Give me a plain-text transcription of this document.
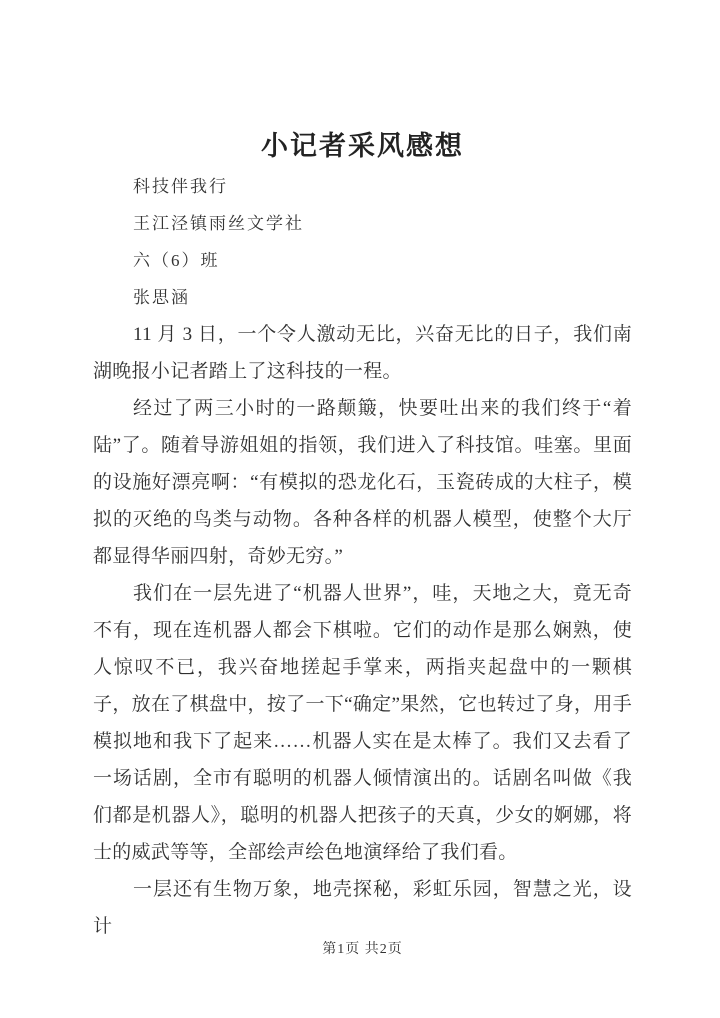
小记者采风感想

科技伴我行

王江泾镇雨丝文学社

六（6）班

张思涵

11 月 3 日，一个令人激动无比，兴奋无比的日子，我们南湖晚报小记者踏上了这科技的一程。

经过了两三小时的一路颠簸，快要吐出来的我们终于“着陆”了。随着导游姐姐的指领，我们进入了科技馆。哇塞。里面的设施好漂亮啊：“有模拟的恐龙化石，玉瓷砖成的大柱子，模拟的灭绝的鸟类与动物。各种各样的机器人模型，使整个大厅都显得华丽四射，奇妙无穷。”

我们在一层先进了“机器人世界”，哇，天地之大，竟无奇不有，现在连机器人都会下棋啦。它们的动作是那么娴熟，使人惊叹不已，我兴奋地搓起手掌来，两指夹起盘中的一颗棋子，放在了棋盘中，按了一下“确定”果然，它也转过了身，用手模拟地和我下了起来……机器人实在是太棒了。我们又去看了一场话剧，全市有聪明的机器人倾情演出的。话剧名叫做《我们都是机器人》，聪明的机器人把孩子的天真，少女的婀娜，将士的威武等等，全部绘声绘色地演绎给了我们看。

一层还有生物万象，地壳探秘，彩虹乐园，智慧之光，设计

第1页 共2页
